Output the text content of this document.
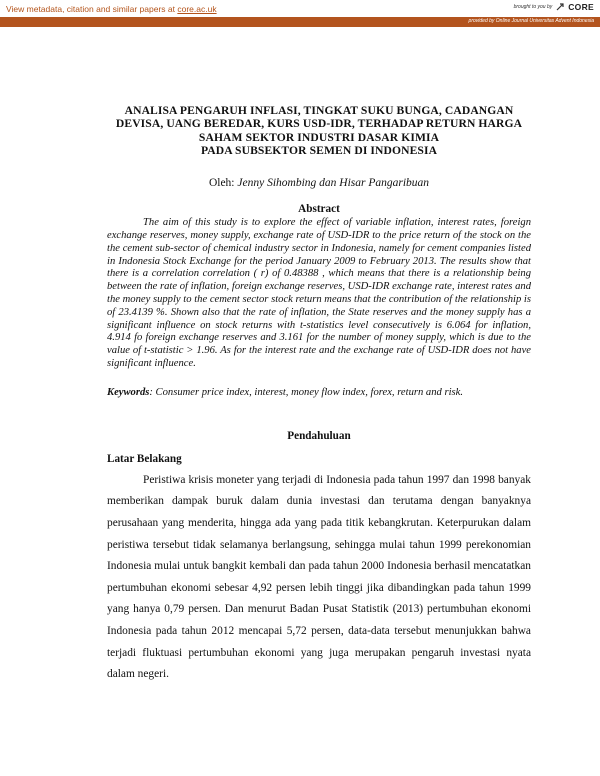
View metadata, citation and similar papers at core.ac.uk	brought to you by CORE
provided by Online Journal Universitas Advent Indonesia
ANALISA PENGARUH INFLASI, TINGKAT SUKU BUNGA, CADANGAN
DEVISA, UANG BEREDAR, KURS USD-IDR, TERHADAP RETURN HARGA
SAHAM SEKTOR INDUSTRI DASAR KIMIA
PADA SUBSEKTOR SEMEN DI INDONESIA
Oleh: Jenny Sihombing dan Hisar Pangaribuan
Abstract
The aim of this study is to explore the effect of variable inflation, interest rates, foreign exchange reserves, money supply, exchange rate of USD-IDR to the price return of the stock on the the cement sub-sector of chemical industry sector in Indonesia, namely for cement companies listed in Indonesia Stock Exchange for the period January 2009 to February 2013. The results show that there is a correlation correlation ( r) of 0.48388 , which means that there is a relationship being between the rate of inflation, foreign exchange reserves, USD-IDR exchange rate, interest rates and the money supply to the cement sector stock return means that the contribution of the relationship is of 23.4139 %. Shown also that the rate of inflation, the State reserves and the money supply has a significant influence on stock returns with t-statistics level consecutively is 6.064 for inflation, 4.914 fo foreign exchange reserves and 3.161 for the number of money supply, which is due to the value of t-statistic > 1.96. As for the interest rate and the exchange rate of USD-IDR does not have significant influence.
Keywords: Consumer price index, interest, money flow index, forex, return and risk.
Pendahuluan
Latar Belakang
Peristiwa krisis moneter yang terjadi di Indonesia pada tahun 1997 dan 1998 banyak memberikan dampak buruk dalam dunia investasi dan terutama dengan banyaknya perusahaan yang menderita, hingga ada yang pada titik kebangkrutan. Keterpurukan dalam peristiwa tersebut tidak selamanya berlangsung, sehingga mulai tahun 1999 perekonomian Indonesia mulai untuk bangkit kembali dan pada tahun 2000 Indonesia berhasil mencatatkan pertumbuhan ekonomi sebesar 4,92 persen lebih tinggi jika dibandingkan pada tahun 1999 yang hanya 0,79 persen. Dan menurut Badan Pusat Statistik (2013) pertumbuhan ekonomi Indonesia pada tahun 2012 mencapai 5,72 persen, data-data tersebut menunjukkan bahwa terjadi fluktuasi pertumbuhan ekonomi yang juga merupakan pengaruh investasi nyata dalam negeri.
